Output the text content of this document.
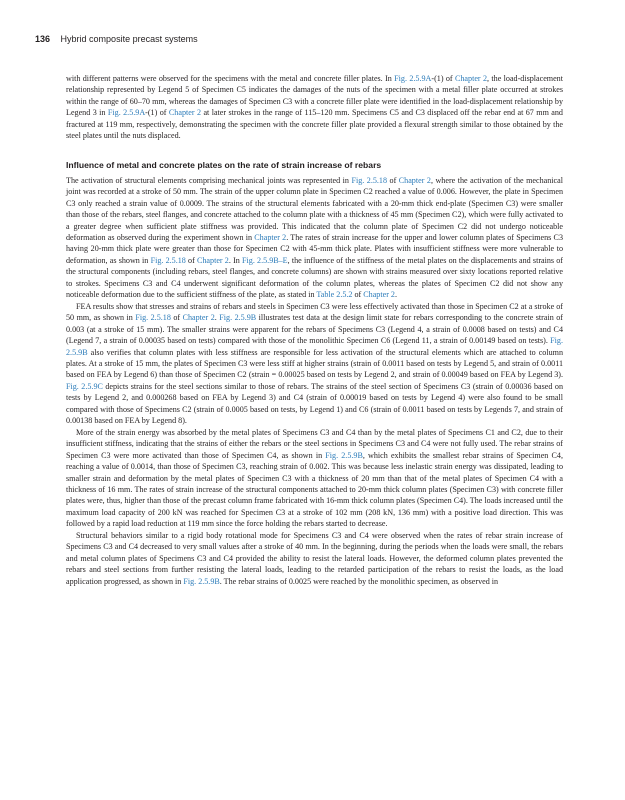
136 Hybrid composite precast systems

with different patterns were observed for the specimens with the metal and concrete filler plates. In Fig. 2.5.9A-(1) of Chapter 2, the load-displacement relationship represented by Legend 5 of Specimen C5 indicates the damages of the nuts of the specimen with a metal filler plate occurred at strokes within the range of 60–70 mm, whereas the damages of Specimen C3 with a concrete filler plate were identified in the load-displacement relationship by Legend 3 in Fig. 2.5.9A-(1) of Chapter 2 at later strokes in the range of 115–120 mm. Specimens C5 and C3 displaced off the rebar end at 67 mm and fractured at 119 mm, respectively, demonstrating the specimen with the concrete filler plate provided a flexural strength similar to those obtained by the steel plates until the nuts displaced.

Influence of metal and concrete plates on the rate of strain increase of rebars

The activation of structural elements comprising mechanical joints was represented in Fig. 2.5.18 of Chapter 2, where the activation of the mechanical joint was recorded at a stroke of 50 mm. The strain of the upper column plate in Specimen C2 reached a value of 0.006. However, the plate in Specimen C3 only reached a strain value of 0.0009. The strains of the structural elements fabricated with a 20-mm thick end-plate (Specimen C3) were smaller than those of the rebars, steel flanges, and concrete attached to the column plate with a thickness of 45 mm (Specimen C2), which were fully activated to a greater degree when sufficient plate stiffness was provided. This indicated that the column plate of Specimen C2 did not undergo noticeable deformation as observed during the experiment shown in Chapter 2. The rates of strain increase for the upper and lower column plates of Specimens C3 having 20-mm thick plate were greater than those for Specimen C2 with 45-mm thick plate. Plates with insufficient stiffness were more vulnerable to deformation, as shown in Fig. 2.5.18 of Chapter 2. In Fig. 2.5.9B–E, the influence of the stiffness of the metal plates on the displacements and strains of the structural components (including rebars, steel flanges, and concrete columns) are shown with strains measured over sixty locations reported relative to strokes. Specimens C3 and C4 underwent significant deformation of the column plates, whereas the plates of Specimen C2 did not show any noticeable deformation due to the sufficient stiffness of the plate, as stated in Table 2.5.2 of Chapter 2.

FEA results show that stresses and strains of rebars and steels in Specimen C3 were less effectively activated than those in Specimen C2 at a stroke of 50 mm, as shown in Fig. 2.5.18 of Chapter 2. Fig. 2.5.9B illustrates test data at the design limit state for rebars corresponding to the concrete strain of 0.003 (at a stroke of 15 mm). The smaller strains were apparent for the rebars of Specimens C3 (Legend 4, a strain of 0.0008 based on tests) and C4 (Legend 7, a strain of 0.00035 based on tests) compared with those of the monolithic Specimen C6 (Legend 11, a strain of 0.00149 based on tests). Fig. 2.5.9B also verifies that column plates with less stiffness are responsible for less activation of the structural elements which are attached to column plates. At a stroke of 15 mm, the plates of Specimen C3 were less stiff at higher strains (strain of 0.0011 based on tests by Legend 5, and strain of 0.0011 based on FEA by Legend 6) than those of Specimen C2 (strain = 0.00025 based on tests by Legend 2, and strain of 0.00049 based on FEA by Legend 3). Fig. 2.5.9C depicts strains for the steel sections similar to those of rebars. The strains of the steel section of Specimens C3 (strain of 0.00036 based on tests by Legend 2, and 0.000268 based on FEA by Legend 3) and C4 (strain of 0.00019 based on tests by Legend 4) were also found to be small compared with those of Specimens C2 (strain of 0.0005 based on tests, by Legend 1) and C6 (strain of 0.0011 based on tests by Legends 7, and strain of 0.00138 based on FEA by Legend 8).

More of the strain energy was absorbed by the metal plates of Specimens C3 and C4 than by the metal plates of Specimens C1 and C2, due to their insufficient stiffness, indicating that the strains of either the rebars or the steel sections in Specimens C3 and C4 were not fully used. The rebar strains of Specimen C3 were more activated than those of Specimen C4, as shown in Fig. 2.5.9B, which exhibits the smallest rebar strains of Specimen C4, reaching a value of 0.0014, than those of Specimen C3, reaching strain of 0.002. This was because less inelastic strain energy was dissipated, leading to smaller strain and deformation by the metal plates of Specimen C3 with a thickness of 20 mm than that of the metal plates of Specimen C4 with a thickness of 16 mm. The rates of strain increase of the structural components attached to 20-mm thick column plates (Specimen C3) with concrete filler plates were, thus, higher than those of the precast column frame fabricated with 16-mm thick column plates (Specimen C4). The loads increased until the maximum load capacity of 200 kN was reached for Specimen C3 at a stroke of 102 mm (208 kN, 136 mm) with a positive load direction. This was followed by a rapid load reduction at 119 mm since the force holding the rebars started to decrease.

Structural behaviors similar to a rigid body rotational mode for Specimens C3 and C4 were observed when the rates of rebar strain increase of Specimens C3 and C4 decreased to very small values after a stroke of 40 mm. In the beginning, during the periods when the loads were small, the rebars and metal column plates of Specimens C3 and C4 provided the ability to resist the lateral loads. However, the deformed column plates prevented the rebars and steel sections from further resisting the lateral loads, leading to the retarded participation of the rebars to resist the loads, as the load application progressed, as shown in Fig. 2.5.9B. The rebar strains of 0.0025 were reached by the monolithic specimen, as observed in
